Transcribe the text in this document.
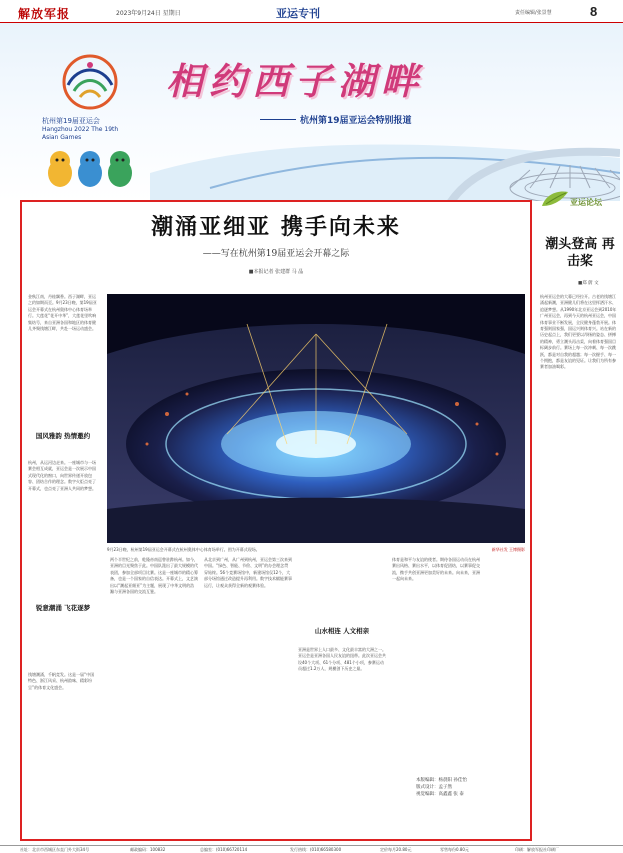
解放军报	2023年9月24日 星期日	亚运专刊	责任编辑/张景慧	8
杭州第19届亚运会
Hangzhou 2022 The 19th Asian Games
相约西子湖畔
杭州第19届亚运会特别报道
潮涌亚细亚 携手向未来
——写在杭州第19届亚运会开幕之际
■本报记者 张建群 马 晶
金秋江南，丹桂飘香。西子湖畔，亚运之约如期而至。9月23日晚，第19届亚运会开幕式在杭州奥体中心体育场举行。大莲花“花开中华”，大莲花里吹响集结号，来自亚洲各国和地区的体育健儿齐聚钱塘江畔，共赴一场运动盛会。
9月23日晚，杭州第19届亚运会开幕式在杭州奥体中心体育场举行。图为开幕式现场。	新华社发 王博摄影
国风雅韵 热情邀约
杭州，从运河边走来。一座城市与一场赛会相互成就，亚运会是一次展示中国式现代化的窗口，向世界传递开放包容、团结合作的理念。数字火炬点亮了开幕式，也点亮了亚洲人共同的梦想。
锐意潮涌 飞花逐梦
钱塘潮涌，千帆竞发。这是一届“中国特色、浙江风采、杭州韵味、精彩纷呈”的体育文化盛会。
两个半世纪之前，乾隆帝南巡曾驻跸杭州。如今，亚洲的目光聚焦于此。中国队派出了最大规模的代表团，参加全部项目比赛。这是一座城市的精心筹备，也是一个国家的自信表达。开幕式上，文艺演出以“潮起亚细亚”为主题，展现了中华文明的浩瀚与亚洲各国的交流互鉴。
从北京到广州，从广州到杭州，亚运会第三次来到中国。“绿色、智能、节俭、文明”的办会理念贯穿始终。56个竞赛场馆中，新建场馆仅12个，大部分场馆通过改造提升再利用。数字技术赋能赛事运行，让观众获得全新的观赛体验。
山水相连 人文相亲
亚洲是世界上人口最多、文化最丰富的大洲之一。亚运会是亚洲各国人民友谊的纽带。此次亚运会共设40个大项、61个分项、481个小项，参赛运动员超过1.2万人，规模创下历史之最。
体育是和平与友谊的使者。期待各国运动员在杭州赛出风格、赛出水平，以体育促团结，以赛事促交流，携手共创亚洲更加美好的未来。向未来，亚洲一起向未来。
本版编辑：杨晨阳 孙佳怡
版式设计：孟子然
视觉编辑：高鑫鑫 张 泰
亚运论坛
潮头登高 再击桨
■郑 蔚 文
杭州亚运会的大幕已经拉开。古老的钱塘江涌起新潮，亚洲健儿们将在这里挥洒汗水、追逐梦想。从1990年北京亚运会到2010年广州亚运会，再到今天的杭州亚运会，中国体育事业不断发展，全民健身蓬勃开展。体育强则国家强，国运兴则体育兴。站在新的历史起点上，我们更要以昂扬的姿态、拼搏的精神，勇立潮头再击桨，向着体育强国目标阔步前行。赛场上每一次冲刺、每一次跳跃，都是对自我的超越；每一次握手、每一个拥抱，都是友谊的见证。让我们为所有参赛者加油喝彩。
社址：北京市西城区东直门外大街34号	邮政编码：100832	总编室：(010)66720114	发行热线：(010)66580300	定价每月20.80元	零售每份0.80元	印刷：解放军报社印刷厂
